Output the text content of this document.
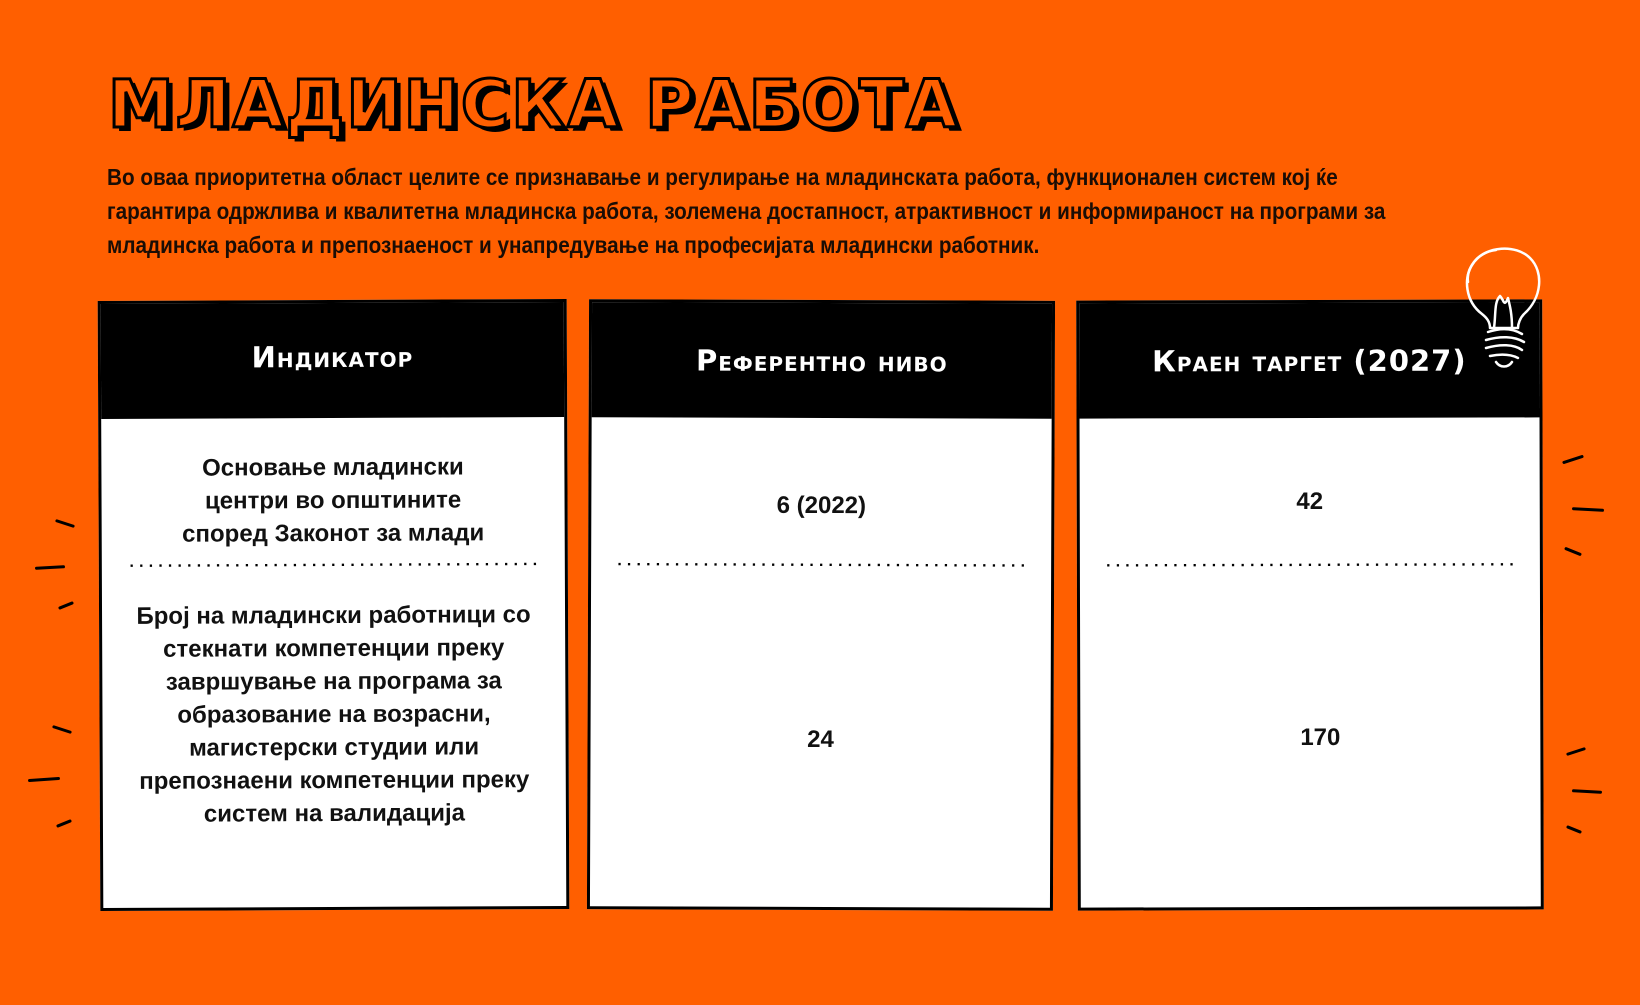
МЛАДИНСКА РАБОТА

Во оваа приоритетна област целите се признавање и регулирање на младинската работа, функционален систем кој ќе гарантира одржлива и квалитетна младинска работа, золемена достапност, атрактивност и информираност на програми за младинска работа и препознаеност и унапредување на професијата младински работник.

Индикатор
Основање младински центри во општините според Законот за млади
...........................................
Број на младински работници со стекнати компетенции преку завршување на програма за образование на возрасни, магистерски студии или препознаени компетенции преку систем на валидација
Референтно ниво
6 (2022)
...........................................
24
Краен таргет (2027)
42
...........................................
170
